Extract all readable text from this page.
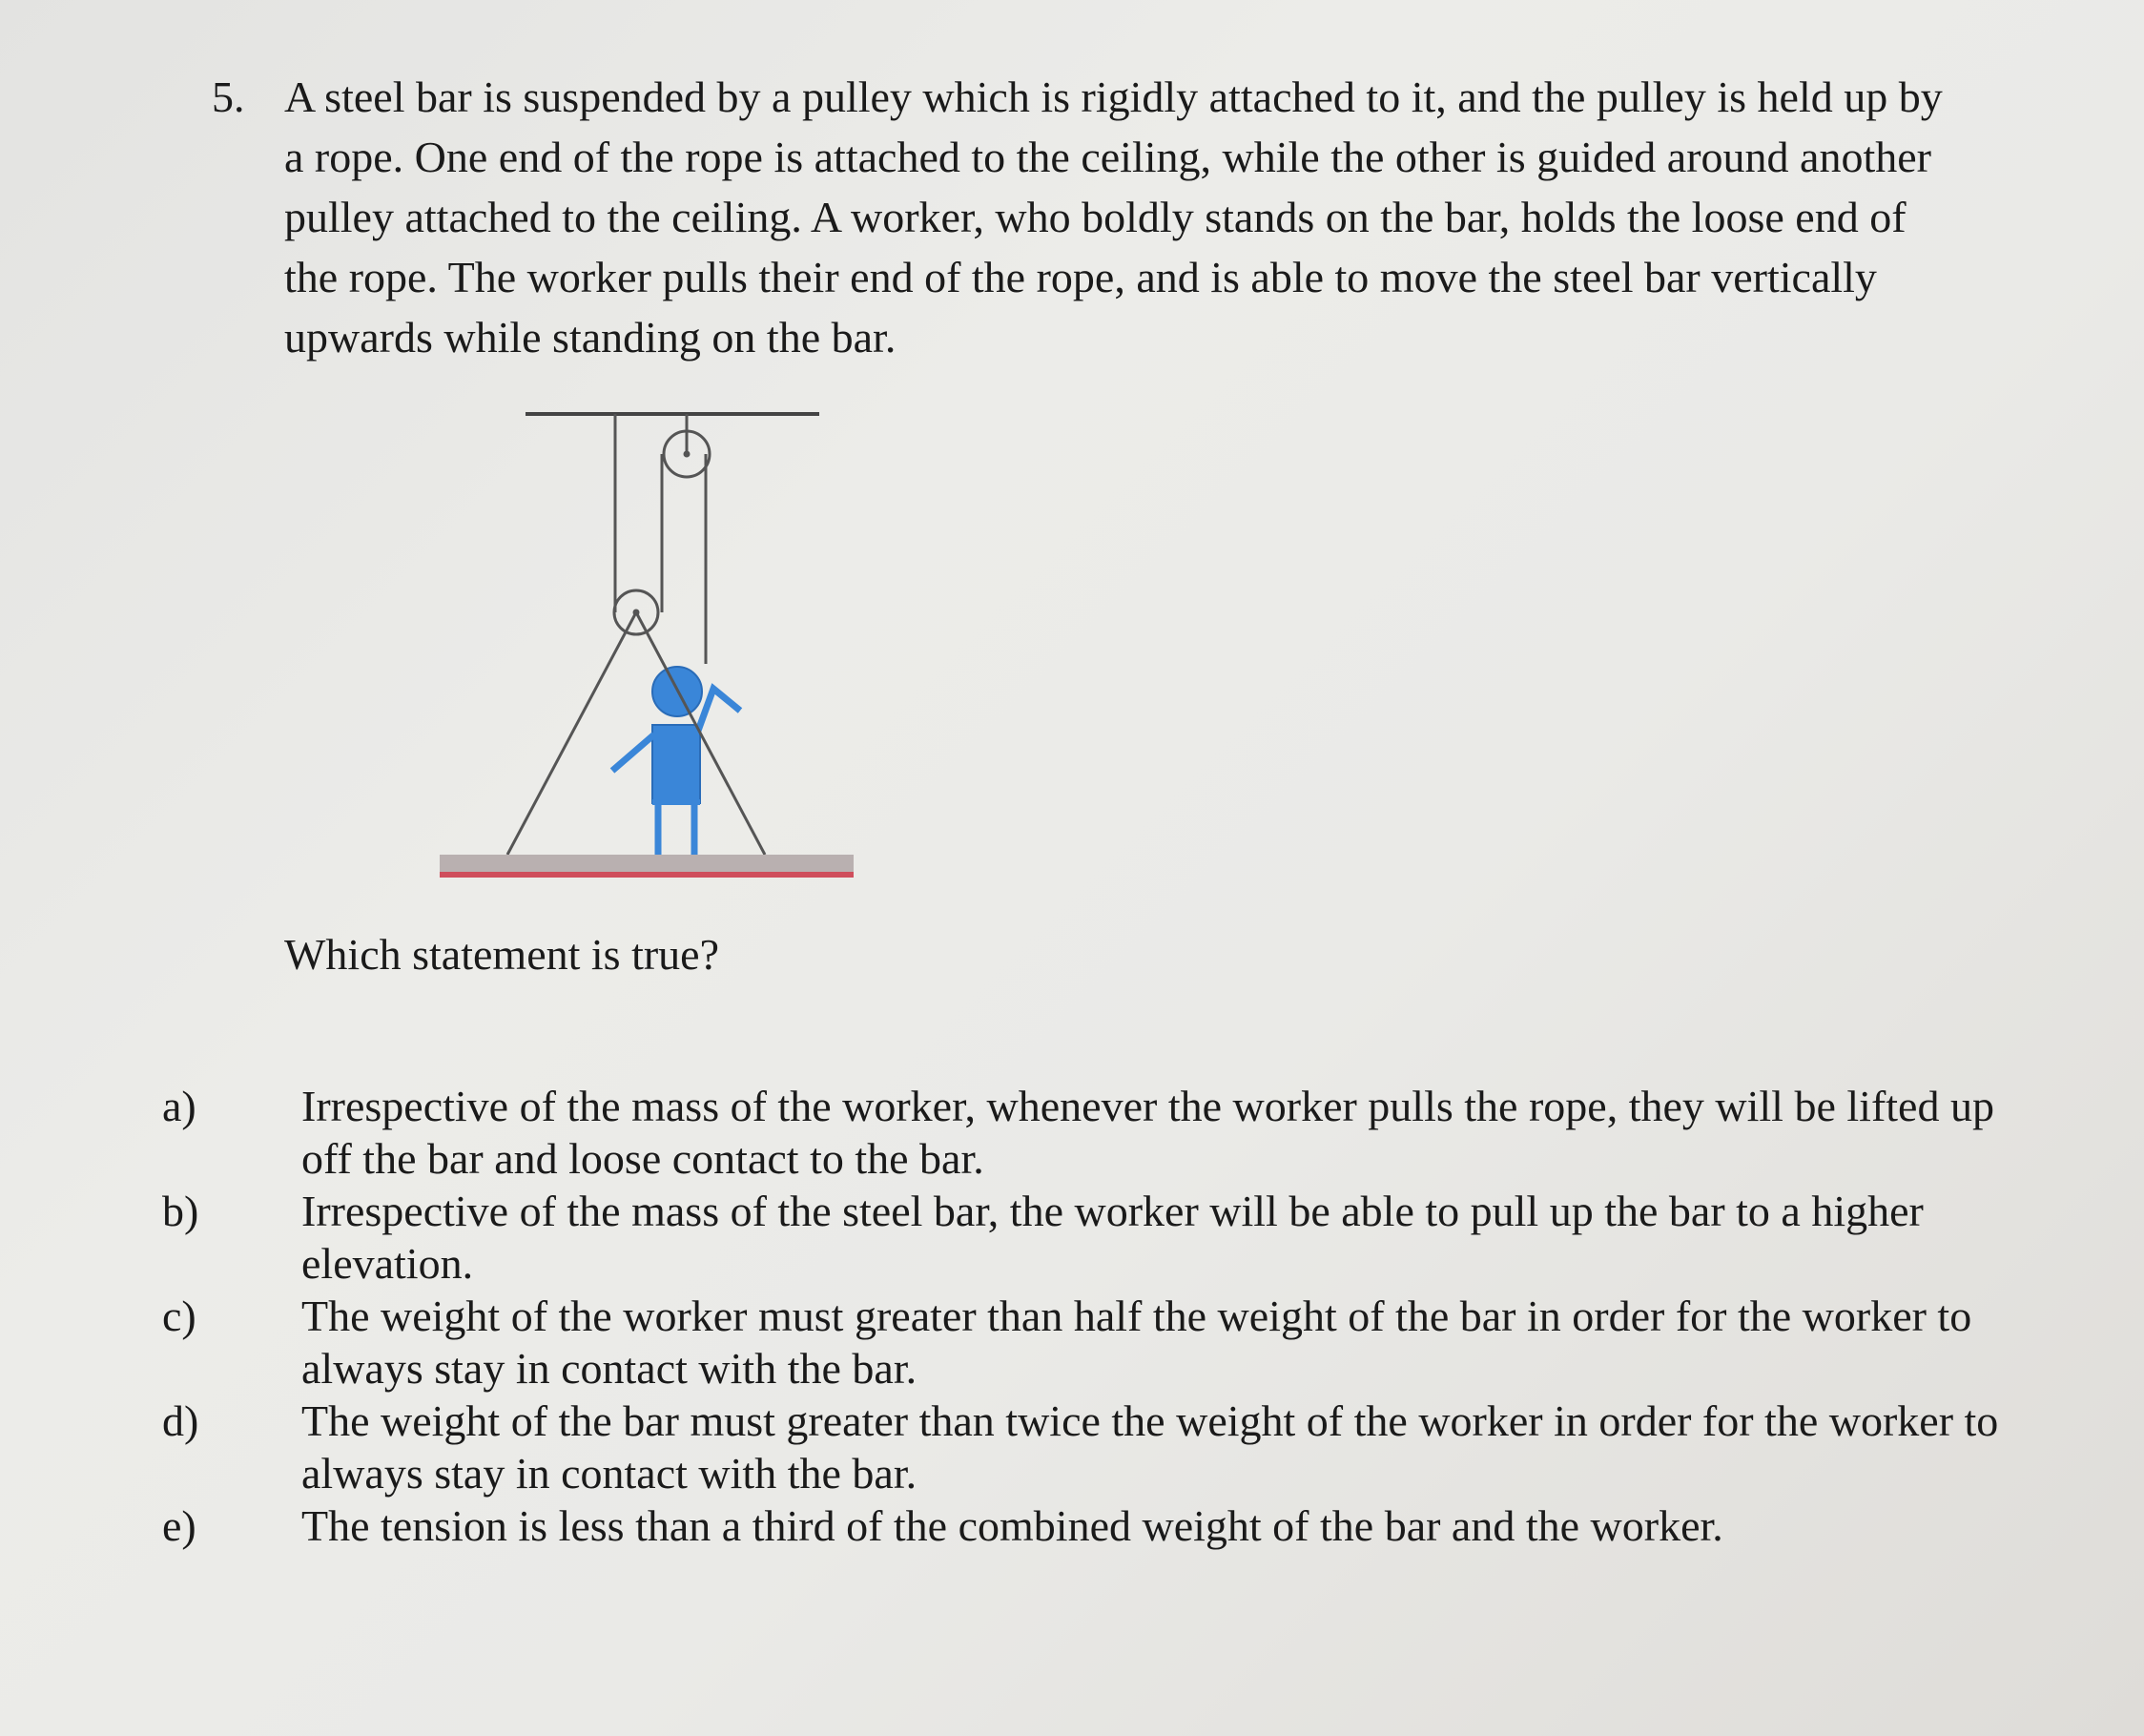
5. A steel bar is suspended by a pulley which is rigidly attached to it, and the pulley is held up by a rope. One end of the rope is attached to the ceiling, while the other is guided around another pulley attached to the ceiling. A worker, who boldly stands on the bar, holds the loose end of the rope. The worker pulls their end of the rope, and is able to move the steel bar vertically upwards while standing on the bar.

Which statement is true?
a)	Irrespective of the mass of the worker, whenever the worker pulls the rope, they will be lifted up off the bar and loose contact to the bar.
b)	Irrespective of the mass of the steel bar, the worker will be able to pull up the bar to a higher elevation.
c)	The weight of the worker must greater than half the weight of the bar in order for the worker to always stay in contact with the bar.
d)	The weight of the bar must greater than twice the weight of the worker in order for the worker to always stay in contact with the bar.
e)	The tension is less than a third of the combined weight of the bar and the worker.
